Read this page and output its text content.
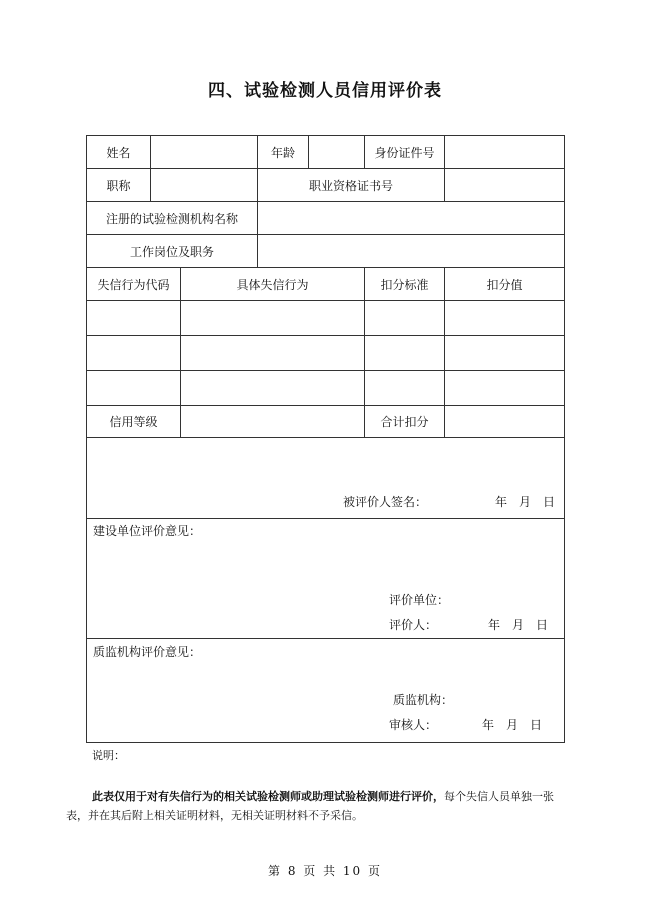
四、试验检测人员信用评价表
姓名			年龄		身份证件号	
职称			职业资格证书号			
注册的试验检测机构名称						
工作岗位及职务						
失信行为代码		具体失信行为			扣分标准	扣分值

信用等级					合计扣分	

被评价人签名： 年　月　日						

建设单位评价意见：
评价单位：
评价人： 年　月　日						

质监机构评价意见：
质监机构：
审核人： 年　月　日						
说明：
此表仅用于对有失信行为的相关试验检测师或助理试验检测师进行评价，每个失信人员单独一张
表，并在其后附上相关证明材料，无相关证明材料不予采信。
第 8 页 共 10 页
